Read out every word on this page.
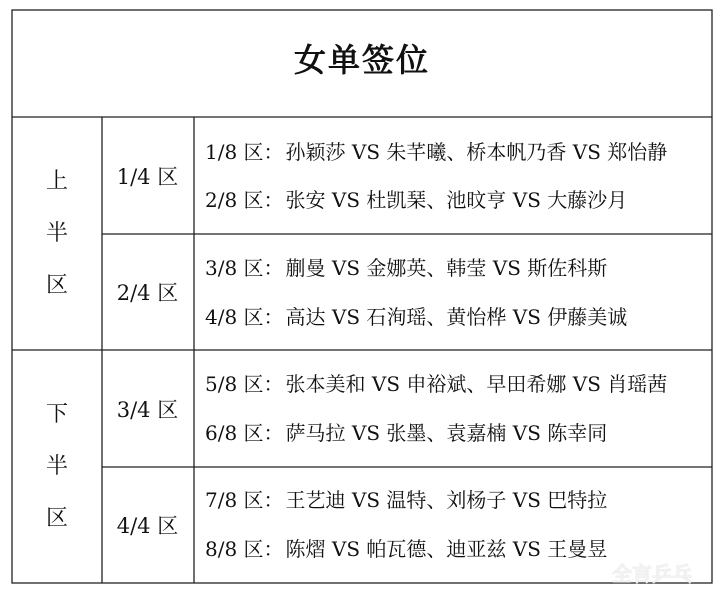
女单签位
上
半
区
下
半
区
1/4 区
2/4 区
3/4 区
4/4 区
1/8 区： 孙颖莎 VS 朱芊曦、桥本帆乃香 VS 郑怡静
2/8 区： 张安 VS 杜凯琹、池旼亨 VS 大藤沙月
3/8 区： 蒯曼 VS 金娜英、韩莹 VS 斯佐科斯
4/8 区： 高达 VS 石洵瑶、黄怡桦 VS 伊藤美诚
5/8 区： 张本美和 VS 申裕斌、早田希娜 VS 肖瑶茜
6/8 区： 萨马拉 VS 张墨、袁嘉楠 VS 陈幸同
7/8 区： 王艺迪 VS 温特、刘杨子 VS 巴特拉
8/8 区： 陈熠 VS 帕瓦德、迪亚兹 VS 王曼昱
全言乒乓
